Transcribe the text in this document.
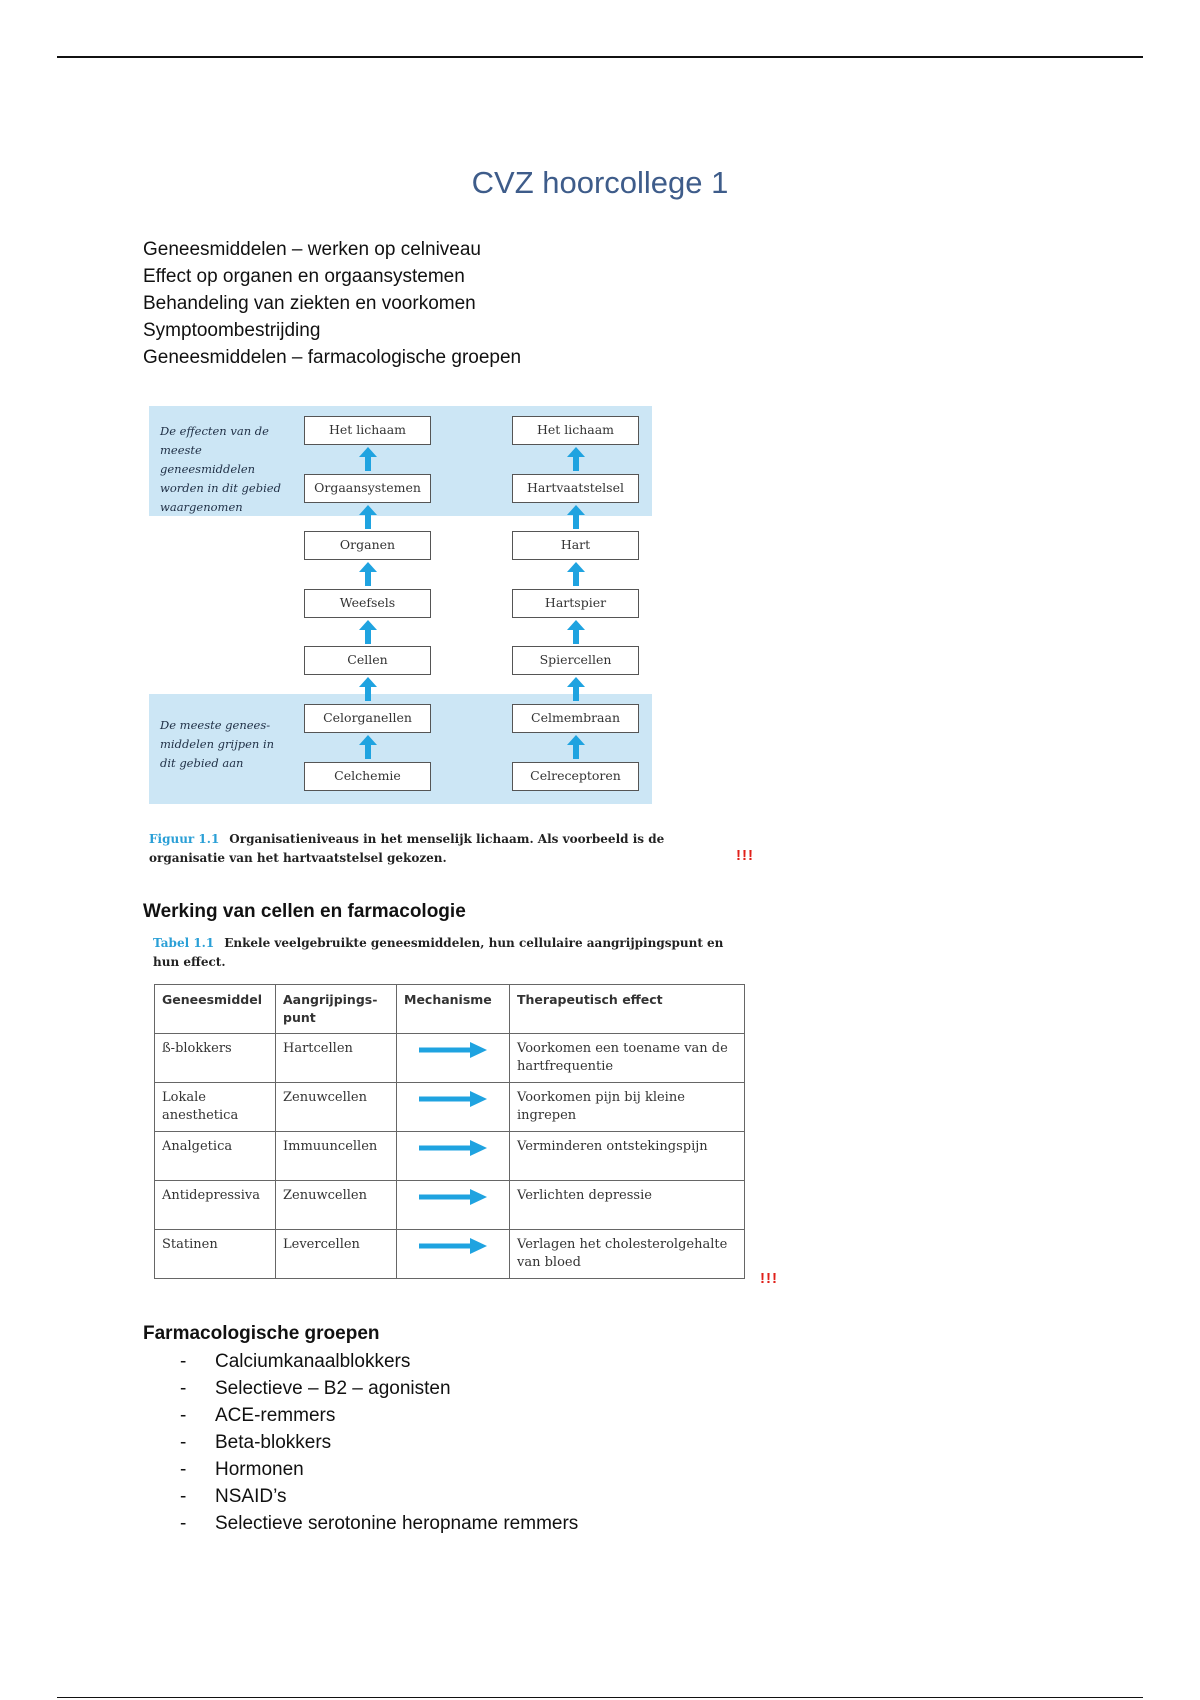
CVZ hoorcollege 1
Geneesmiddelen – werken op celniveau
Effect op organen en orgaansystemen
Behandeling van ziekten en voorkomen
Symptoombestrijding
Geneesmiddelen – farmacologische groepen
De effecten van de meeste geneesmiddelen worden in dit gebied waargenomen
De meeste genees-middelen grijpen in dit gebied aan
Het lichaam
Orgaansystemen
Organen
Weefsels
Cellen
Celorganellen
Celchemie
Het lichaam
Hartvaatstelsel
Hart
Hartspier
Spiercellen
Celmembraan
Celreceptoren
Figuur 1.1 Organisatieniveaus in het menselijk lichaam. Als voorbeeld is de organisatie van het hartvaatstelsel gekozen.	!!!
Werking van cellen en farmacologie
Tabel 1.1 Enkele veelgebruikte geneesmiddelen, hun cellulaire aangrijpingspunt en hun effect.
Geneesmiddel	Aangrijpings-punt	Mechanisme	Therapeutisch effect
ß-blokkers	Hartcellen		Voorkomen een toename van de hartfrequentie
Lokale anesthetica	Zenuwcellen		Voorkomen pijn bij kleine ingrepen
Analgetica	Immuuncellen		Verminderen ontstekingspijn
Antidepressiva	Zenuwcellen		Verlichten depressie
Statinen	Levercellen		Verlagen het cholesterolgehalte van bloed
!!!
Farmacologische groepen
- Calciumkanaalblokkers
- Selectieve – B2 – agonisten
- ACE-remmers
- Beta-blokkers
- Hormonen
- NSAID’s
- Selectieve serotonine heropname remmers
